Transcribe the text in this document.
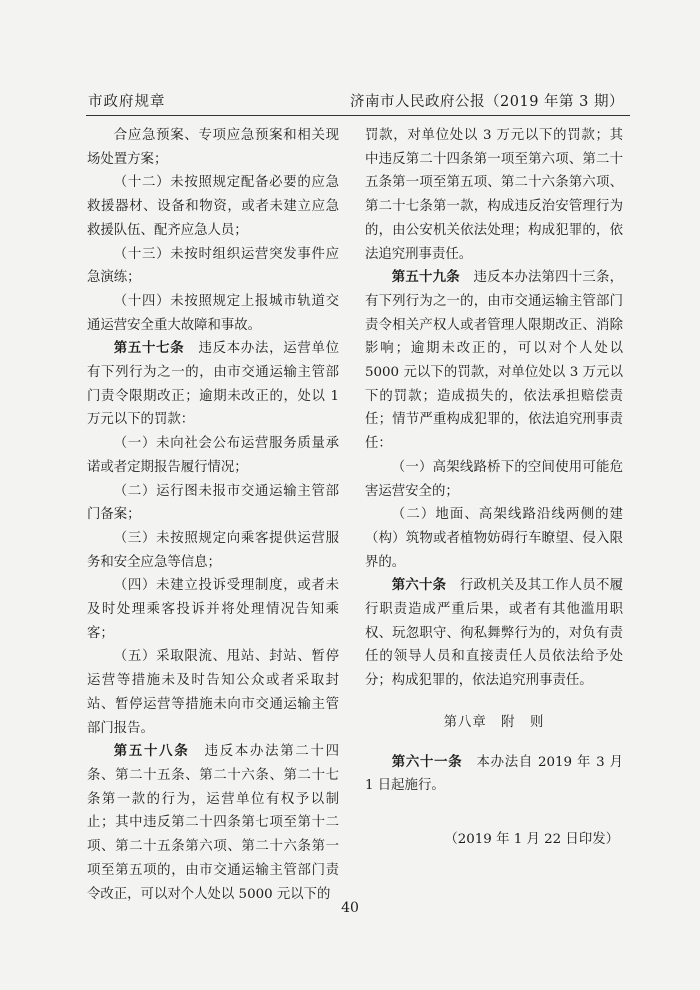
市政府规章	济南市人民政府公报（2019 年第 3 期）

合应急预案、专项应急预案和相关现场处置方案；

（十二）未按照规定配备必要的应急救援器材、设备和物资，或者未建立应急救援队伍、配齐应急人员；

（十三）未按时组织运营突发事件应急演练；

（十四）未按照规定上报城市轨道交通运营安全重大故障和事故。

第五十七条　违反本办法，运营单位有下列行为之一的，由市交通运输主管部门责令限期改正；逾期未改正的，处以 1 万元以下的罚款：

（一）未向社会公布运营服务质量承诺或者定期报告履行情况；

（二）运行图未报市交通运输主管部门备案；

（三）未按照规定向乘客提供运营服务和安全应急等信息；

（四）未建立投诉受理制度，或者未及时处理乘客投诉并将处理情况告知乘客；

（五）采取限流、甩站、封站、暂停运营等措施未及时告知公众或者采取封站、暂停运营等措施未向市交通运输主管部门报告。

第五十八条　违反本办法第二十四条、第二十五条、第二十六条、第二十七条第一款的行为，运营单位有权予以制止；其中违反第二十四条第七项至第十二项、第二十五条第六项、第二十六条第一项至第五项的，由市交通运输主管部门责令改正，可以对个人处以 5000 元以下的

罚款，对单位处以 3 万元以下的罚款；其中违反第二十四条第一项至第六项、第二十五条第一项至第五项、第二十六条第六项、第二十七条第一款，构成违反治安管理行为的，由公安机关依法处理；构成犯罪的，依法追究刑事责任。

第五十九条　违反本办法第四十三条，有下列行为之一的，由市交通运输主管部门责令相关产权人或者管理人限期改正、消除影响；逾期未改正的，可以对个人处以 5000 元以下的罚款，对单位处以 3 万元以下的罚款；造成损失的，依法承担赔偿责任；情节严重构成犯罪的，依法追究刑事责任：

（一）高架线路桥下的空间使用可能危害运营安全的；

（二）地面、高架线路沿线两侧的建（构）筑物或者植物妨碍行车瞭望、侵入限界的。

第六十条　行政机关及其工作人员不履行职责造成严重后果，或者有其他滥用职权、玩忽职守、徇私舞弊行为的，对负有责任的领导人员和直接责任人员依法给予处分；构成犯罪的，依法追究刑事责任。

第八章　附　则

第六十一条　本办法自 2019 年 3 月 1 日起施行。

（2019 年 1 月 22 日印发）

40
